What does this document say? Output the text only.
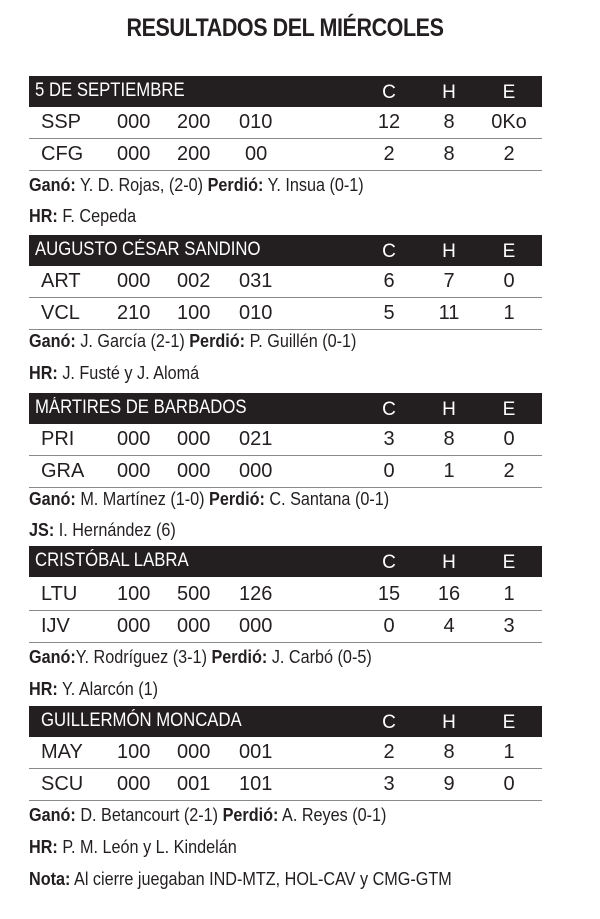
RESULTADOS DEL MIÉRCOLES
5 DE SEPTIEMBRE	C	H	E
SSP 000 200 010	12	8	0Ko
CFG 000 200 00	2	8	2
Ganó: Y. D. Rojas, (2-0) Perdió: Y. Insua (0-1)
HR: F. Cepeda
AUGUSTO CÉSAR SANDINO	C	H	E
ART 000 002 031	6	7	0
VCL 210 100 010	5	11	1
Ganó: J. García (2-1) Perdió: P. Guillén (0-1)
HR: J. Fusté y J. Alomá
MÁRTIRES DE BARBADOS	C	H	E
PRI 000 000 021	3	8	0
GRA 000 000 000	0	1	2
Ganó: M. Martínez (1-0) Perdió: C. Santana (0-1)
JS: I. Hernández (6)
CRISTÓBAL LABRA	C	H	E
LTU 100 500 126	15	16	1
IJV 000 000 000	0	4	3
Ganó:Y. Rodríguez (3-1) Perdió: J. Carbó (0-5)
HR: Y. Alarcón (1)
GUILLERMÓN MONCADA	C	H	E
MAY 100 000 001	2	8	1
SCU 000 001 101	3	9	0
Ganó: D. Betancourt (2-1) Perdió: A. Reyes (0-1)
HR: P. M. León y L. Kindelán
Nota: Al cierre juegaban IND-MTZ, HOL-CAV y CMG-GTM
